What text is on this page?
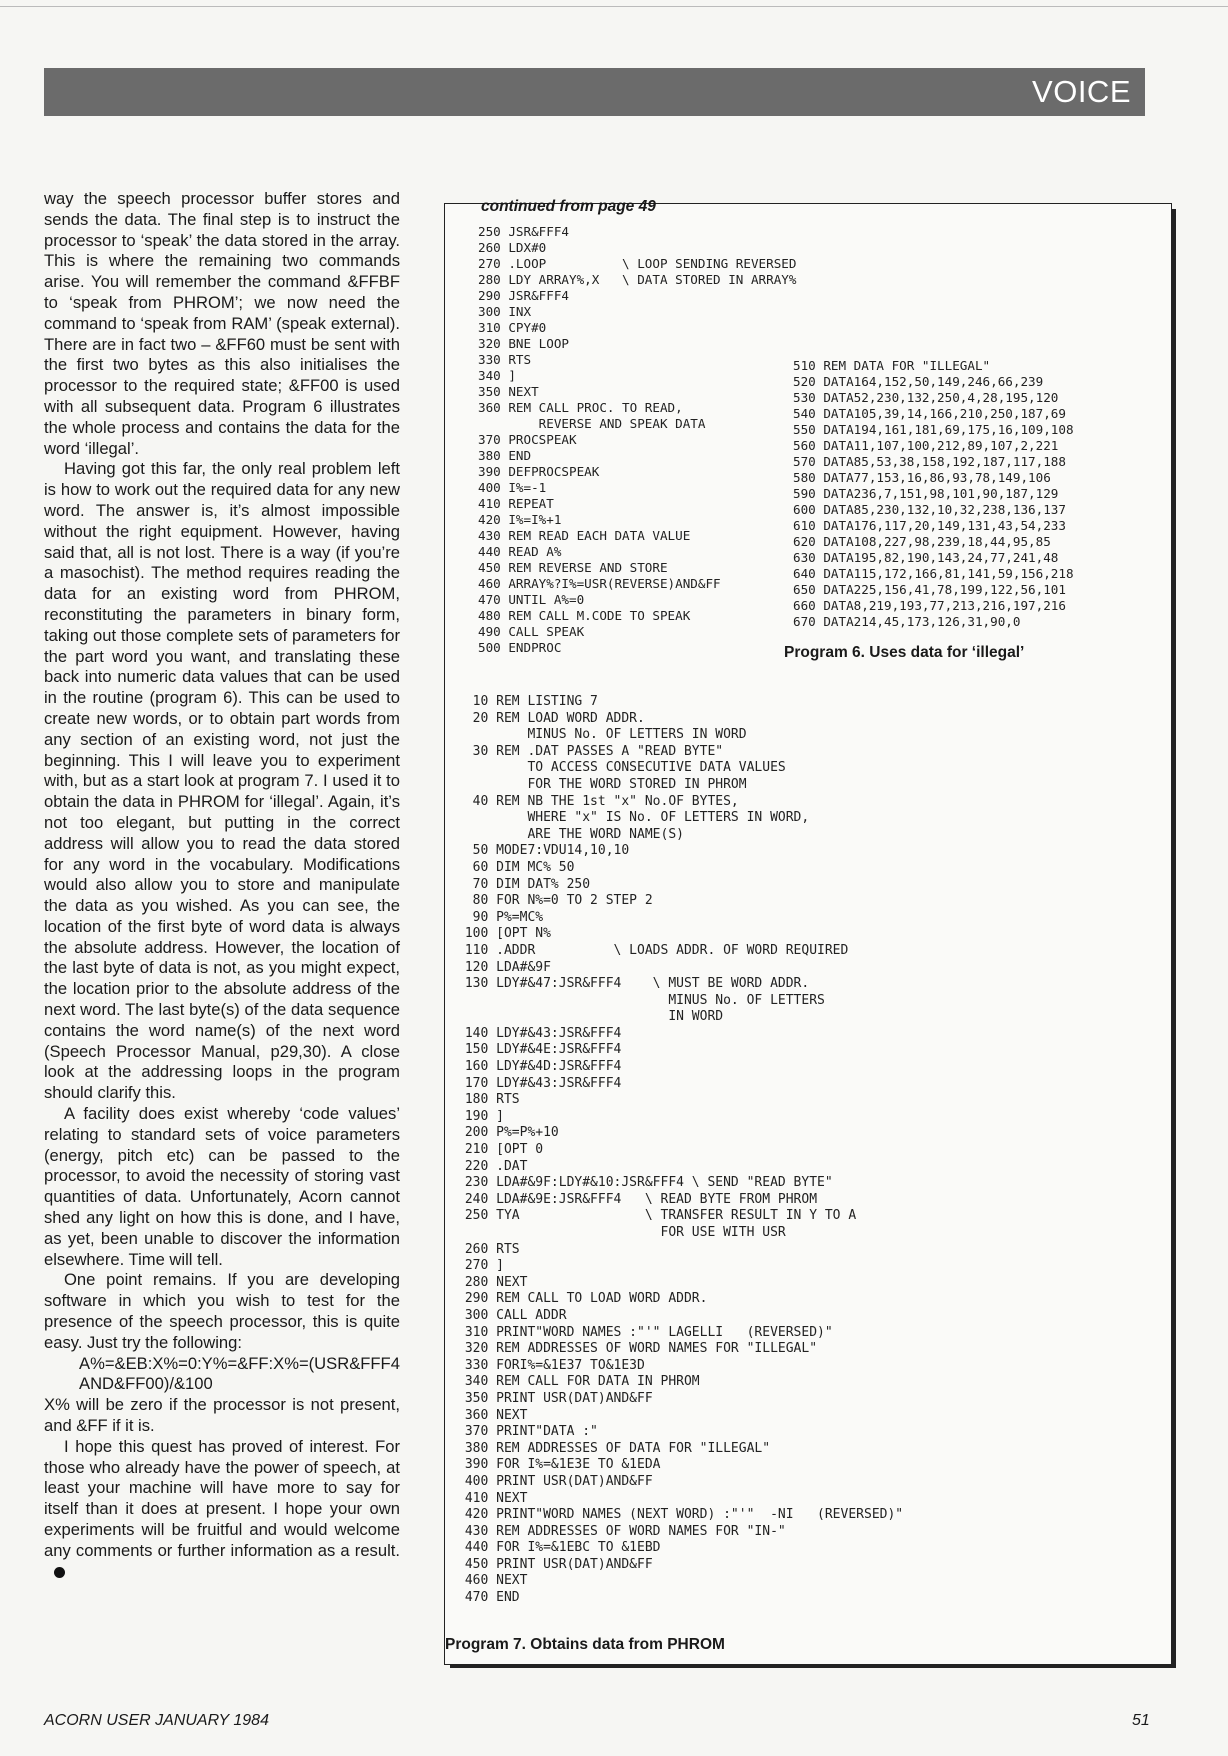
VOICE

way the speech processor buffer stores and sends the data. The final step is to instruct the processor to ‘speak’ the data stored in the array. This is where the remaining two commands arise. You will remember the command &FFBF to ‘speak from PHROM’; we now need the command to ‘speak from RAM’ (speak external). There are in fact two – &FF60 must be sent with the first two bytes as this also initialises the processor to the required state; &FF00 is used with all subsequent data. Program 6 illustrates the whole process and contains the data for the word ‘illegal’.

Having got this far, the only real problem left is how to work out the required data for any new word. The answer is, it’s almost impossible without the right equipment. However, having said that, all is not lost. There is a way (if you’re a masochist). The method requires reading the data for an existing word from PHROM, reconstituting the parameters in binary form, taking out those complete sets of parameters for the part word you want, and translating these back into numeric data values that can be used in the routine (program 6). This can be used to create new words, or to obtain part words from any section of an existing word, not just the beginning. This I will leave you to experiment with, but as a start look at program 7. I used it to obtain the data in PHROM for ‘illegal’. Again, it’s not too elegant, but putting in the correct address will allow you to read the data stored for any word in the vocabulary. Modifications would also allow you to store and manipulate the data as you wished. As you can see, the location of the first byte of word data is always the absolute address. However, the location of the last byte of data is not, as you might expect, the location prior to the absolute address of the next word. The last byte(s) of the data sequence contains the word name(s) of the next word (Speech Processor Manual, p29,30). A close look at the addressing loops in the program should clarify this.

A facility does exist whereby ‘code values’ relating to standard sets of voice parameters (energy, pitch etc) can be passed to the processor, to avoid the necessity of storing vast quantities of data. Unfortunately, Acorn cannot shed any light on how this is done, and I have, as yet, been unable to discover the information elsewhere. Time will tell.

One point remains. If you are developing software in which you wish to test for the presence of the speech processor, this is quite easy. Just try the following:

A%=&EB:X%=0:Y%=&FF:X%=(USR&FFF4 AND&FF00)/&100

X% will be zero if the processor is not present, and &FF if it is.

I hope this quest has proved of interest. For those who already have the power of speech, at least your machine will have more to say for itself than it does at present. I hope your own experiments will be fruitful and would welcome any comments or further information as a result.

continued from page 49
250 JSR&FFF4
260 LDX#0
270 .LOOP          \ LOOP SENDING REVERSED
280 LDY ARRAY%,X   \ DATA STORED IN ARRAY%
290 JSR&FFF4
300 INX
310 CPY#0
320 BNE LOOP
330 RTS
340 ]
350 NEXT
360 REM CALL PROC. TO READ,
REVERSE AND SPEAK DATA
370 PROCSPEAK
380 END
390 DEFPROCSPEAK
400 I%=-1
410 REPEAT
420 I%=I%+1
430 REM READ EACH DATA VALUE
440 READ A%
450 REM REVERSE AND STORE
460 ARRAY%?I%=USR(REVERSE)AND&FF
470 UNTIL A%=0
480 REM CALL M.CODE TO SPEAK
490 CALL SPEAK
500 ENDPROC
510 REM DATA FOR "ILLEGAL"
520 DATA164,152,50,149,246,66,239
530 DATA52,230,132,250,4,28,195,120
540 DATA105,39,14,166,210,250,187,69
550 DATA194,161,181,69,175,16,109,108
560 DATA11,107,100,212,89,107,2,221
570 DATA85,53,38,158,192,187,117,188
580 DATA77,153,16,86,93,78,149,106
590 DATA236,7,151,98,101,90,187,129
600 DATA85,230,132,10,32,238,136,137
610 DATA176,117,20,149,131,43,54,233
620 DATA108,227,98,239,18,44,95,85
630 DATA195,82,190,143,24,77,241,48
640 DATA115,172,166,81,141,59,156,218
650 DATA225,156,41,78,199,122,56,101
660 DATA8,219,193,77,213,216,197,216
670 DATA214,45,173,126,31,90,0
Program 6. Uses data for ‘illegal’
10 REM LISTING 7
20 REM LOAD WORD ADDR.
MINUS No. OF LETTERS IN WORD
30 REM .DAT PASSES A "READ BYTE"
TO ACCESS CONSECUTIVE DATA VALUES
FOR THE WORD STORED IN PHROM
40 REM NB THE 1st "x" No.OF BYTES,
WHERE "x" IS No. OF LETTERS IN WORD,
ARE THE WORD NAME(S)
50 MODE7:VDU14,10,10
60 DIM MC% 50
70 DIM DAT% 250
80 FOR N%=0 TO 2 STEP 2
90 P%=MC%
100 [OPT N%
110 .ADDR          \ LOADS ADDR. OF WORD REQUIRED
120 LDA#&9F
130 LDY#&47:JSR&FFF4    \ MUST BE WORD ADDR.
MINUS No. OF LETTERS
IN WORD
140 LDY#&43:JSR&FFF4
150 LDY#&4E:JSR&FFF4
160 LDY#&4D:JSR&FFF4
170 LDY#&43:JSR&FFF4
180 RTS
190 ]
200 P%=P%+10
210 [OPT 0
220 .DAT
230 LDA#&9F:LDY#&10:JSR&FFF4 \ SEND "READ BYTE"
240 LDA#&9E:JSR&FFF4   \ READ BYTE FROM PHROM
250 TYA                \ TRANSFER RESULT IN Y TO A
FOR USE WITH USR
260 RTS
270 ]
280 NEXT
290 REM CALL TO LOAD WORD ADDR.
300 CALL ADDR
310 PRINT"WORD NAMES :"'" LAGELLI   (REVERSED)"
320 REM ADDRESSES OF WORD NAMES FOR "ILLEGAL"
330 FORI%=&1E37 TO&1E3D
340 REM CALL FOR DATA IN PHROM
350 PRINT USR(DAT)AND&FF
360 NEXT
370 PRINT"DATA :"
380 REM ADDRESSES OF DATA FOR "ILLEGAL"
390 FOR I%=&1E3E TO &1EDA
400 PRINT USR(DAT)AND&FF
410 NEXT
420 PRINT"WORD NAMES (NEXT WORD) :"'"  -NI   (REVERSED)"
430 REM ADDRESSES OF WORD NAMES FOR "IN-"
440 FOR I%=&1EBC TO &1EBD
450 PRINT USR(DAT)AND&FF
460 NEXT
470 END
Program 7. Obtains data from PHROM
ACORN USER JANUARY 1984	51
